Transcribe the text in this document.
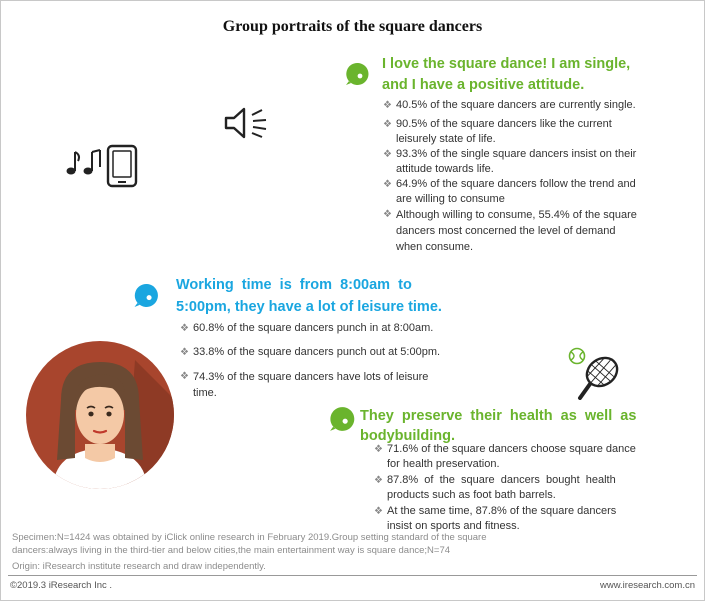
Group portraits of the square dancers
I love the square dance! I am single,
and I have a positive attitude.
❖ 40.5% of the square dancers are currently single.
❖ 90.5% of the square dancers like the current
leisurely state of life.
❖ 93.3% of the single square dancers insist on their
attitude towards life.
❖ 64.9% of the square dancers follow the trend and
are willing to consume
❖ Although willing to consume, 55.4% of the square
dancers most concerned the level of demand
when consume.
Working  time  is  from  8:00am  to
5:00pm, they have a lot of leisure time.
❖ 60.8% of the square dancers punch in at 8:00am.
❖ 33.8% of the square dancers punch out at 5:00pm.
❖ 74.3% of the square dancers have lots of leisure
time.
They  preserve  their  health  as  well  as
bodybuilding.
❖ 71.6% of the square dancers choose square dance
for health preservation.
❖ 87.8%  of  the  square  dancers  bought  health
products such as foot bath barrels.
❖ At the same time, 87.8% of the square dancers
insist on sports and fitness.
Specimen:N=1424 was obtained by iClick online research in February 2019.Group setting standard of the square
dancers:always living in the third-tier and below cities,the main entertainment way is square dance;N=74
Origin: iResearch institute research and draw independently.
©2019.3 iResearch Inc .	www.iresearch.com.cn
